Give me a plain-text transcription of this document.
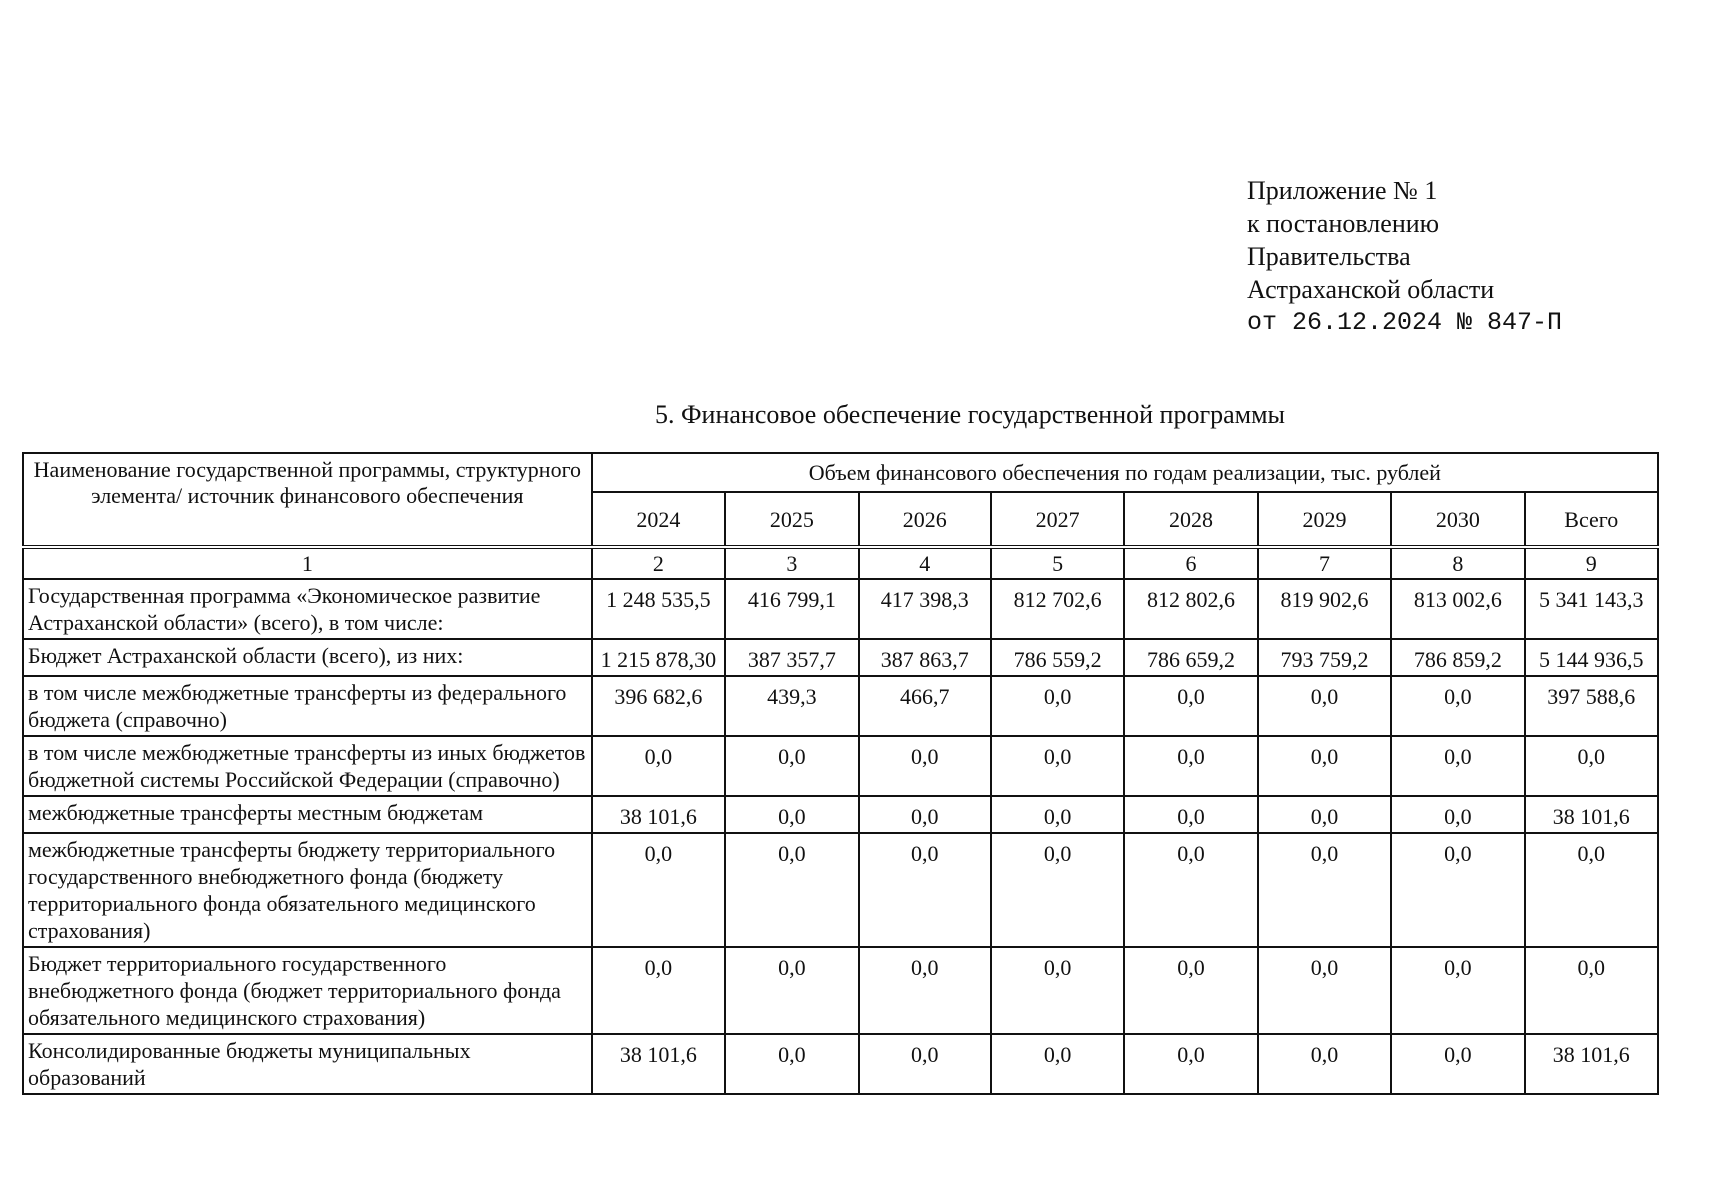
Приложение № 1
к постановлению
Правительства
Астраханской области
от 26.12.2024 № 847-П
5. Финансовое обеспечение государственной программы
Наименование государственной программы, структурного элемента/ источник финансового обеспечения	Объем финансового обеспечения по годам реализации, тыс. рублей							
	2024	2025	2026	2027	2028	2029	2030	Всего
1	2	3	4	5	6	7	8	9
Государственная программа «Экономическое развитие Астраханской области» (всего), в том числе:	1 248 535,5	416 799,1	417 398,3	812 702,6	812 802,6	819 902,6	813 002,6	5 341 143,3
Бюджет Астраханской области (всего), из них:	1 215 878,30	387 357,7	387 863,7	786 559,2	786 659,2	793 759,2	786 859,2	5 144 936,5
в том числе межбюджетные трансферты из федерального бюджета (справочно)	396 682,6	439,3	466,7	0,0	0,0	0,0	0,0	397 588,6
в том числе межбюджетные трансферты из иных бюджетов бюджетной системы Российской Федерации (справочно)	0,0	0,0	0,0	0,0	0,0	0,0	0,0	0,0
межбюджетные трансферты местным бюджетам	38 101,6	0,0	0,0	0,0	0,0	0,0	0,0	38 101,6
межбюджетные трансферты бюджету территориального государственного внебюджетного фонда (бюджету территориального фонда обязательного медицинского страхования)	0,0	0,0	0,0	0,0	0,0	0,0	0,0	0,0
Бюджет территориального государственного внебюджетного фонда (бюджет территориального фонда обязательного медицинского страхования)	0,0	0,0	0,0	0,0	0,0	0,0	0,0	0,0
Консолидированные бюджеты муниципальных образований	38 101,6	0,0	0,0	0,0	0,0	0,0	0,0	38 101,6
